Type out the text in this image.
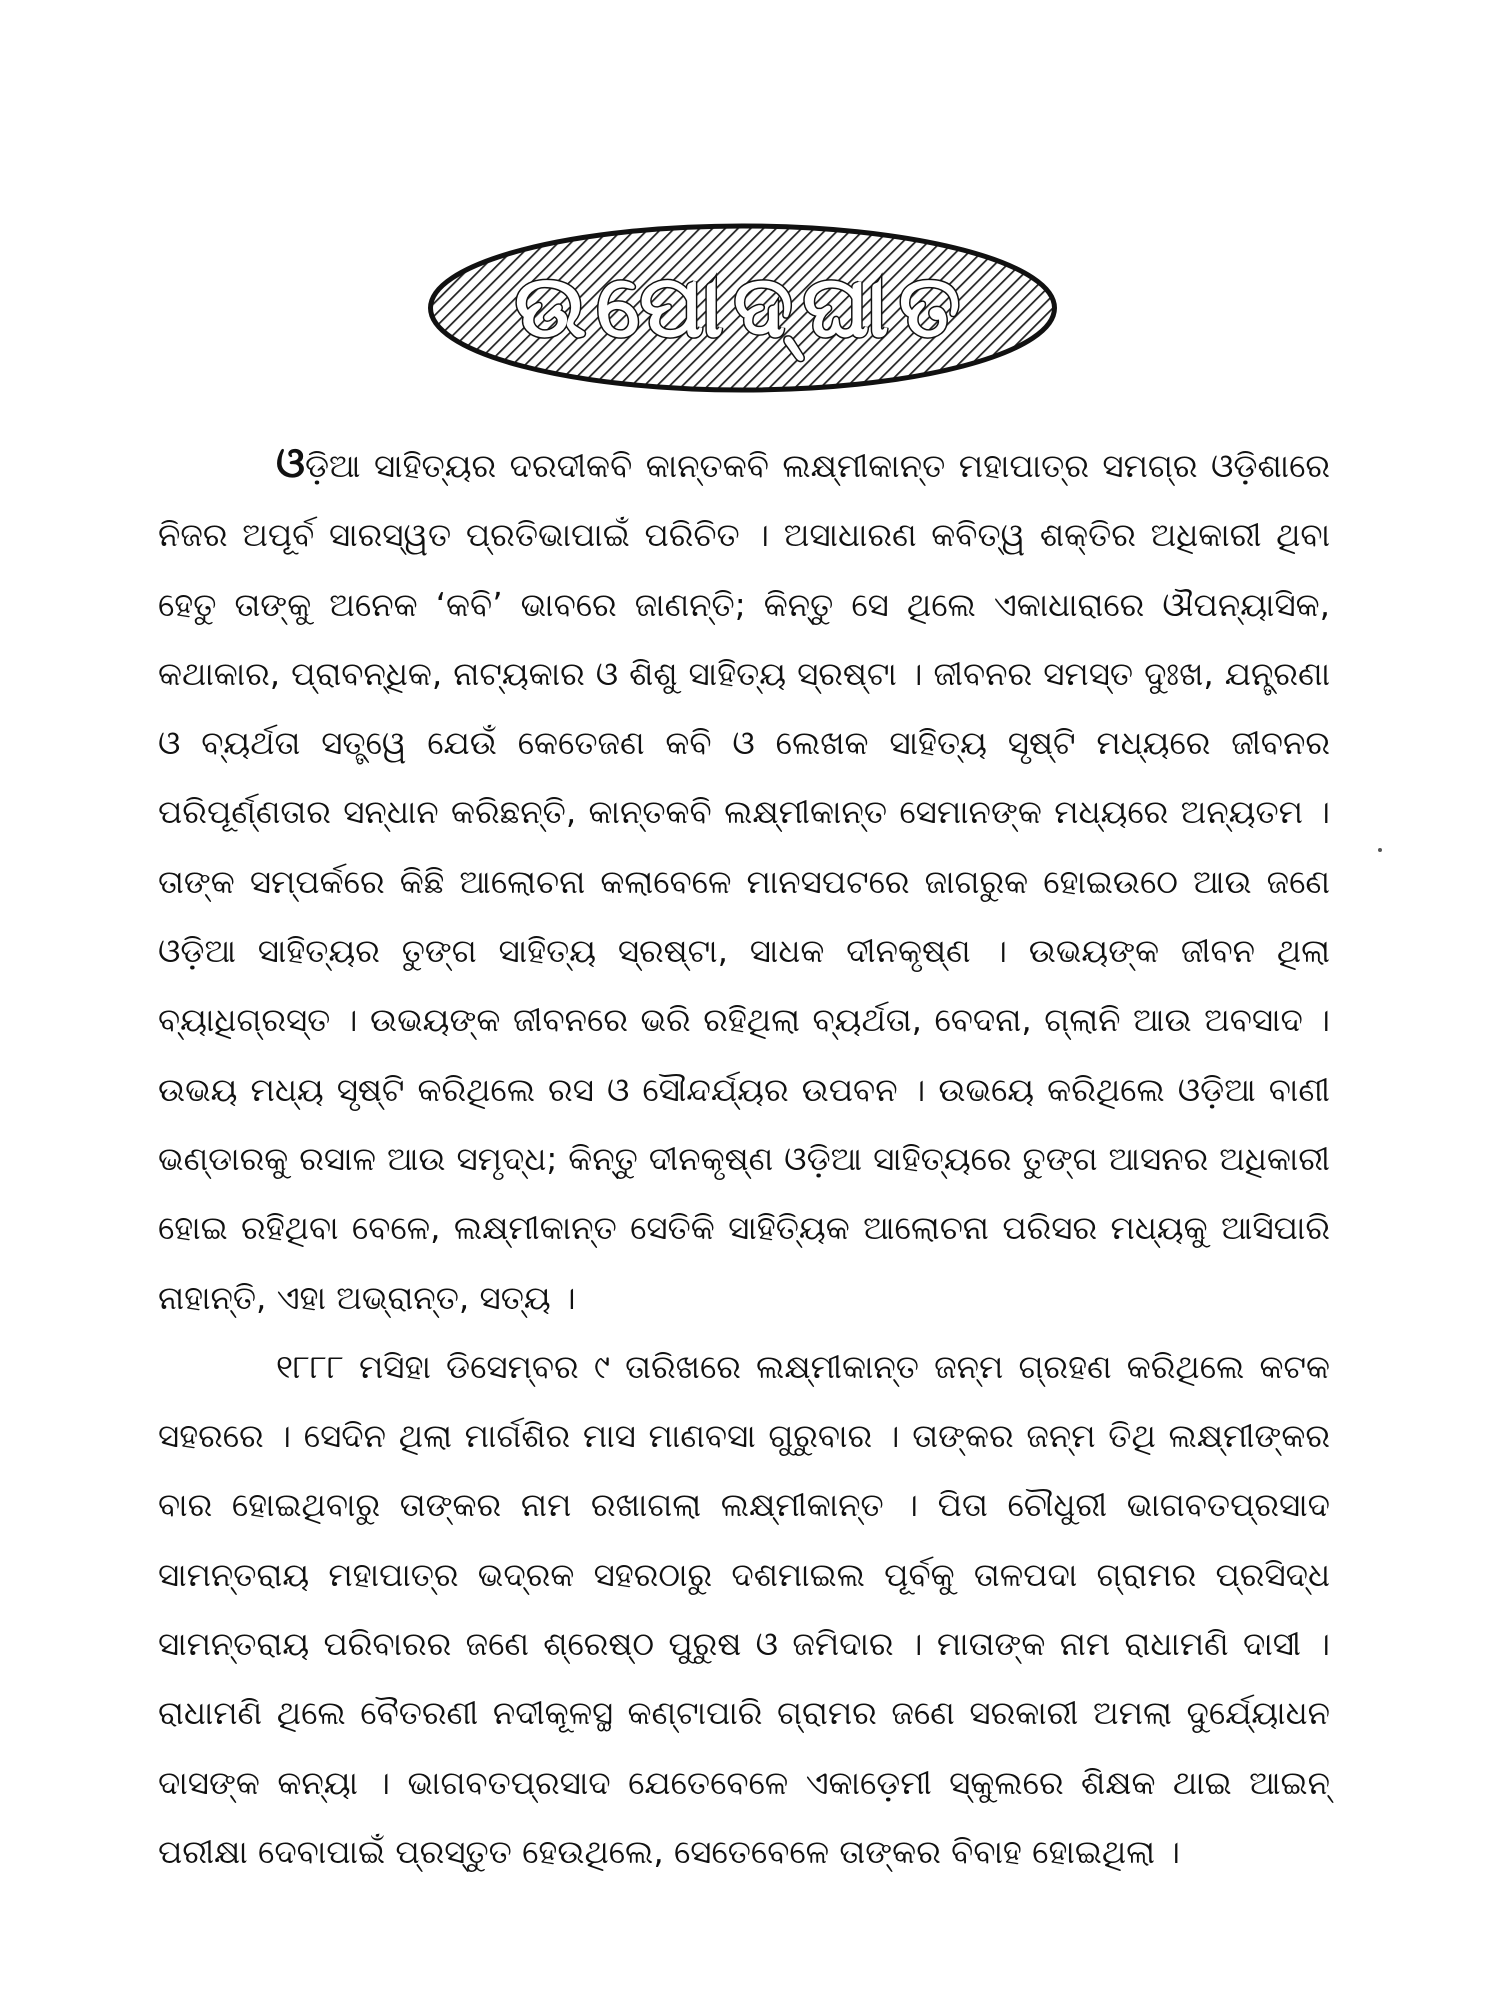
ଉପୋଦ୍‌ଘାତ

ଓଡ଼ିଆ ସାହିତ୍ୟର ଦରଦୀକବି କାନ୍ତକବି ଲକ୍ଷ୍ମୀକାନ୍ତ ମହାପାତ୍ର ସମଗ୍ର ଓଡ଼ିଶାରେ ନିଜର ଅପୂର୍ବ ସାରସ୍ୱତ ପ୍ରତିଭାପାଇଁ ପରିଚିତ । ଅସାଧାରଣ କବିତ୍ୱ ଶକ୍ତିର ଅଧିକାରୀ ଥିବା ହେତୁ ତାଙ୍କୁ ଅନେକ ‘କବି’ ଭାବରେ ଜାଣନ୍ତି; କିନ୍ତୁ ସେ ଥିଲେ ଏକାଧାରାରେ ଔପନ୍ୟାସିକ, କଥାକାର, ପ୍ରାବନ୍ଧିକ, ନାଟ୍ୟକାର ଓ ଶିଶୁ ସାହିତ୍ୟ ସ୍ରଷ୍ଟା । ଜୀବନର ସମସ୍ତ ଦୁଃଖ, ଯନ୍ତ୍ରଣା ଓ ବ୍ୟର୍ଥତା ସତ୍ତ୍ୱେ ଯେଉଁ କେତେଜଣ କବି ଓ ଲେଖକ ସାହିତ୍ୟ ସୃଷ୍ଟି ମଧ୍ୟରେ ଜୀବନର ପରିପୂର୍ଣ୍ଣତାର ସନ୍ଧାନ କରିଛନ୍ତି, କାନ୍ତକବି ଲକ୍ଷ୍ମୀକାନ୍ତ ସେମାନଙ୍କ ମଧ୍ୟରେ ଅନ୍ୟତମ । ତାଙ୍କ ସମ୍ପର୍କରେ କିଛି ଆଲୋଚନା କଲାବେଳେ ମାନସପଟରେ ଜାଗରୁକ ହୋଇଉଠେ ଆଉ ଜଣେ ଓଡ଼ିଆ ସାହିତ୍ୟର ତୁଙ୍ଗ ସାହିତ୍ୟ ସ୍ରଷ୍ଟା, ସାଧକ ଦୀନକୃଷ୍ଣ । ଉଭୟଙ୍କ ଜୀବନ ଥିଲା ବ୍ୟାଧିଗ୍ରସ୍ତ । ଉଭୟଙ୍କ ଜୀବନରେ ଭରି ରହିଥିଲା ବ୍ୟର୍ଥତା, ବେଦନା, ଗ୍ଲାନି ଆଉ ଅବସାଦ । ଉଭୟ ମଧ୍ୟ ସୃଷ୍ଟି କରିଥିଲେ ରସ ଓ ସୌନ୍ଦର୍ଯ୍ୟର ଉପବନ । ଉଭୟେ କରିଥିଲେ ଓଡ଼ିଆ ବାଣୀ ଭଣ୍ଡାରକୁ ରସାଳ ଆଉ ସମୃଦ୍ଧ; କିନ୍ତୁ ଦୀନକୃଷ୍ଣ ଓଡ଼ିଆ ସାହିତ୍ୟରେ ତୁଙ୍ଗ ଆସନର ଅଧିକାରୀ ହୋଇ ରହିଥିବା ବେଳେ, ଲକ୍ଷ୍ମୀକାନ୍ତ ସେତିକି ସାହିତ୍ୟିକ ଆଲୋଚନା ପରିସର ମଧ୍ୟକୁ ଆସିପାରି ନାହାନ୍ତି, ଏହା ଅଭ୍ରାନ୍ତ, ସତ୍ୟ ।

୧୮୮୮ ମସିହା ଡିସେମ୍ବର ୯ ତାରିଖରେ ଲକ୍ଷ୍ମୀକାନ୍ତ ଜନ୍ମ ଗ୍ରହଣ କରିଥିଲେ କଟକ ସହରରେ । ସେଦିନ ଥିଲା ମାର୍ଗଶିର ମାସ ମାଣବସା ଗୁରୁବାର । ତାଙ୍କର ଜନ୍ମ ତିଥି ଲକ୍ଷ୍ମୀଙ୍କର ବାର ହୋଇଥିବାରୁ ତାଙ୍କର ନାମ ରଖାଗଲା ଲକ୍ଷ୍ମୀକାନ୍ତ । ପିତା ଚୌଧୁରୀ ଭାଗବତପ୍ରସାଦ ସାମନ୍ତରାୟ ମହାପାତ୍ର ଭଦ୍ରକ ସହରଠାରୁ ଦଶମାଇଲ ପୂର୍ବକୁ ତାଳପଦା ଗ୍ରାମର ପ୍ରସିଦ୍ଧ ସାମନ୍ତରାୟ ପରିବାରର ଜଣେ ଶ୍ରେଷ୍ଠ ପୁରୁଷ ଓ ଜମିଦାର । ମାତାଙ୍କ ନାମ ରାଧାମଣି ଦାସୀ । ରାଧାମଣି ଥିଲେ ବୈତରଣୀ ନଦୀକୂଳସ୍ଥ କଣ୍ଟାପାରି ଗ୍ରାମର ଜଣେ ସରକାରୀ ଅମଲା ଦୁର୍ଯ୍ୟୋଧନ ଦାସଙ୍କ କନ୍ୟା । ଭାଗବତପ୍ରସାଦ ଯେତେବେଳେ ଏକାଡ଼େମୀ ସ୍କୁଲରେ ଶିକ୍ଷକ ଥାଇ ଆଇନ୍ ପରୀକ୍ଷା ଦେବାପାଇଁ ପ୍ରସ୍ତୁତ ହେଉଥିଲେ, ସେତେବେଳେ ତାଙ୍କର ବିବାହ ହୋଇଥିଲା ।
